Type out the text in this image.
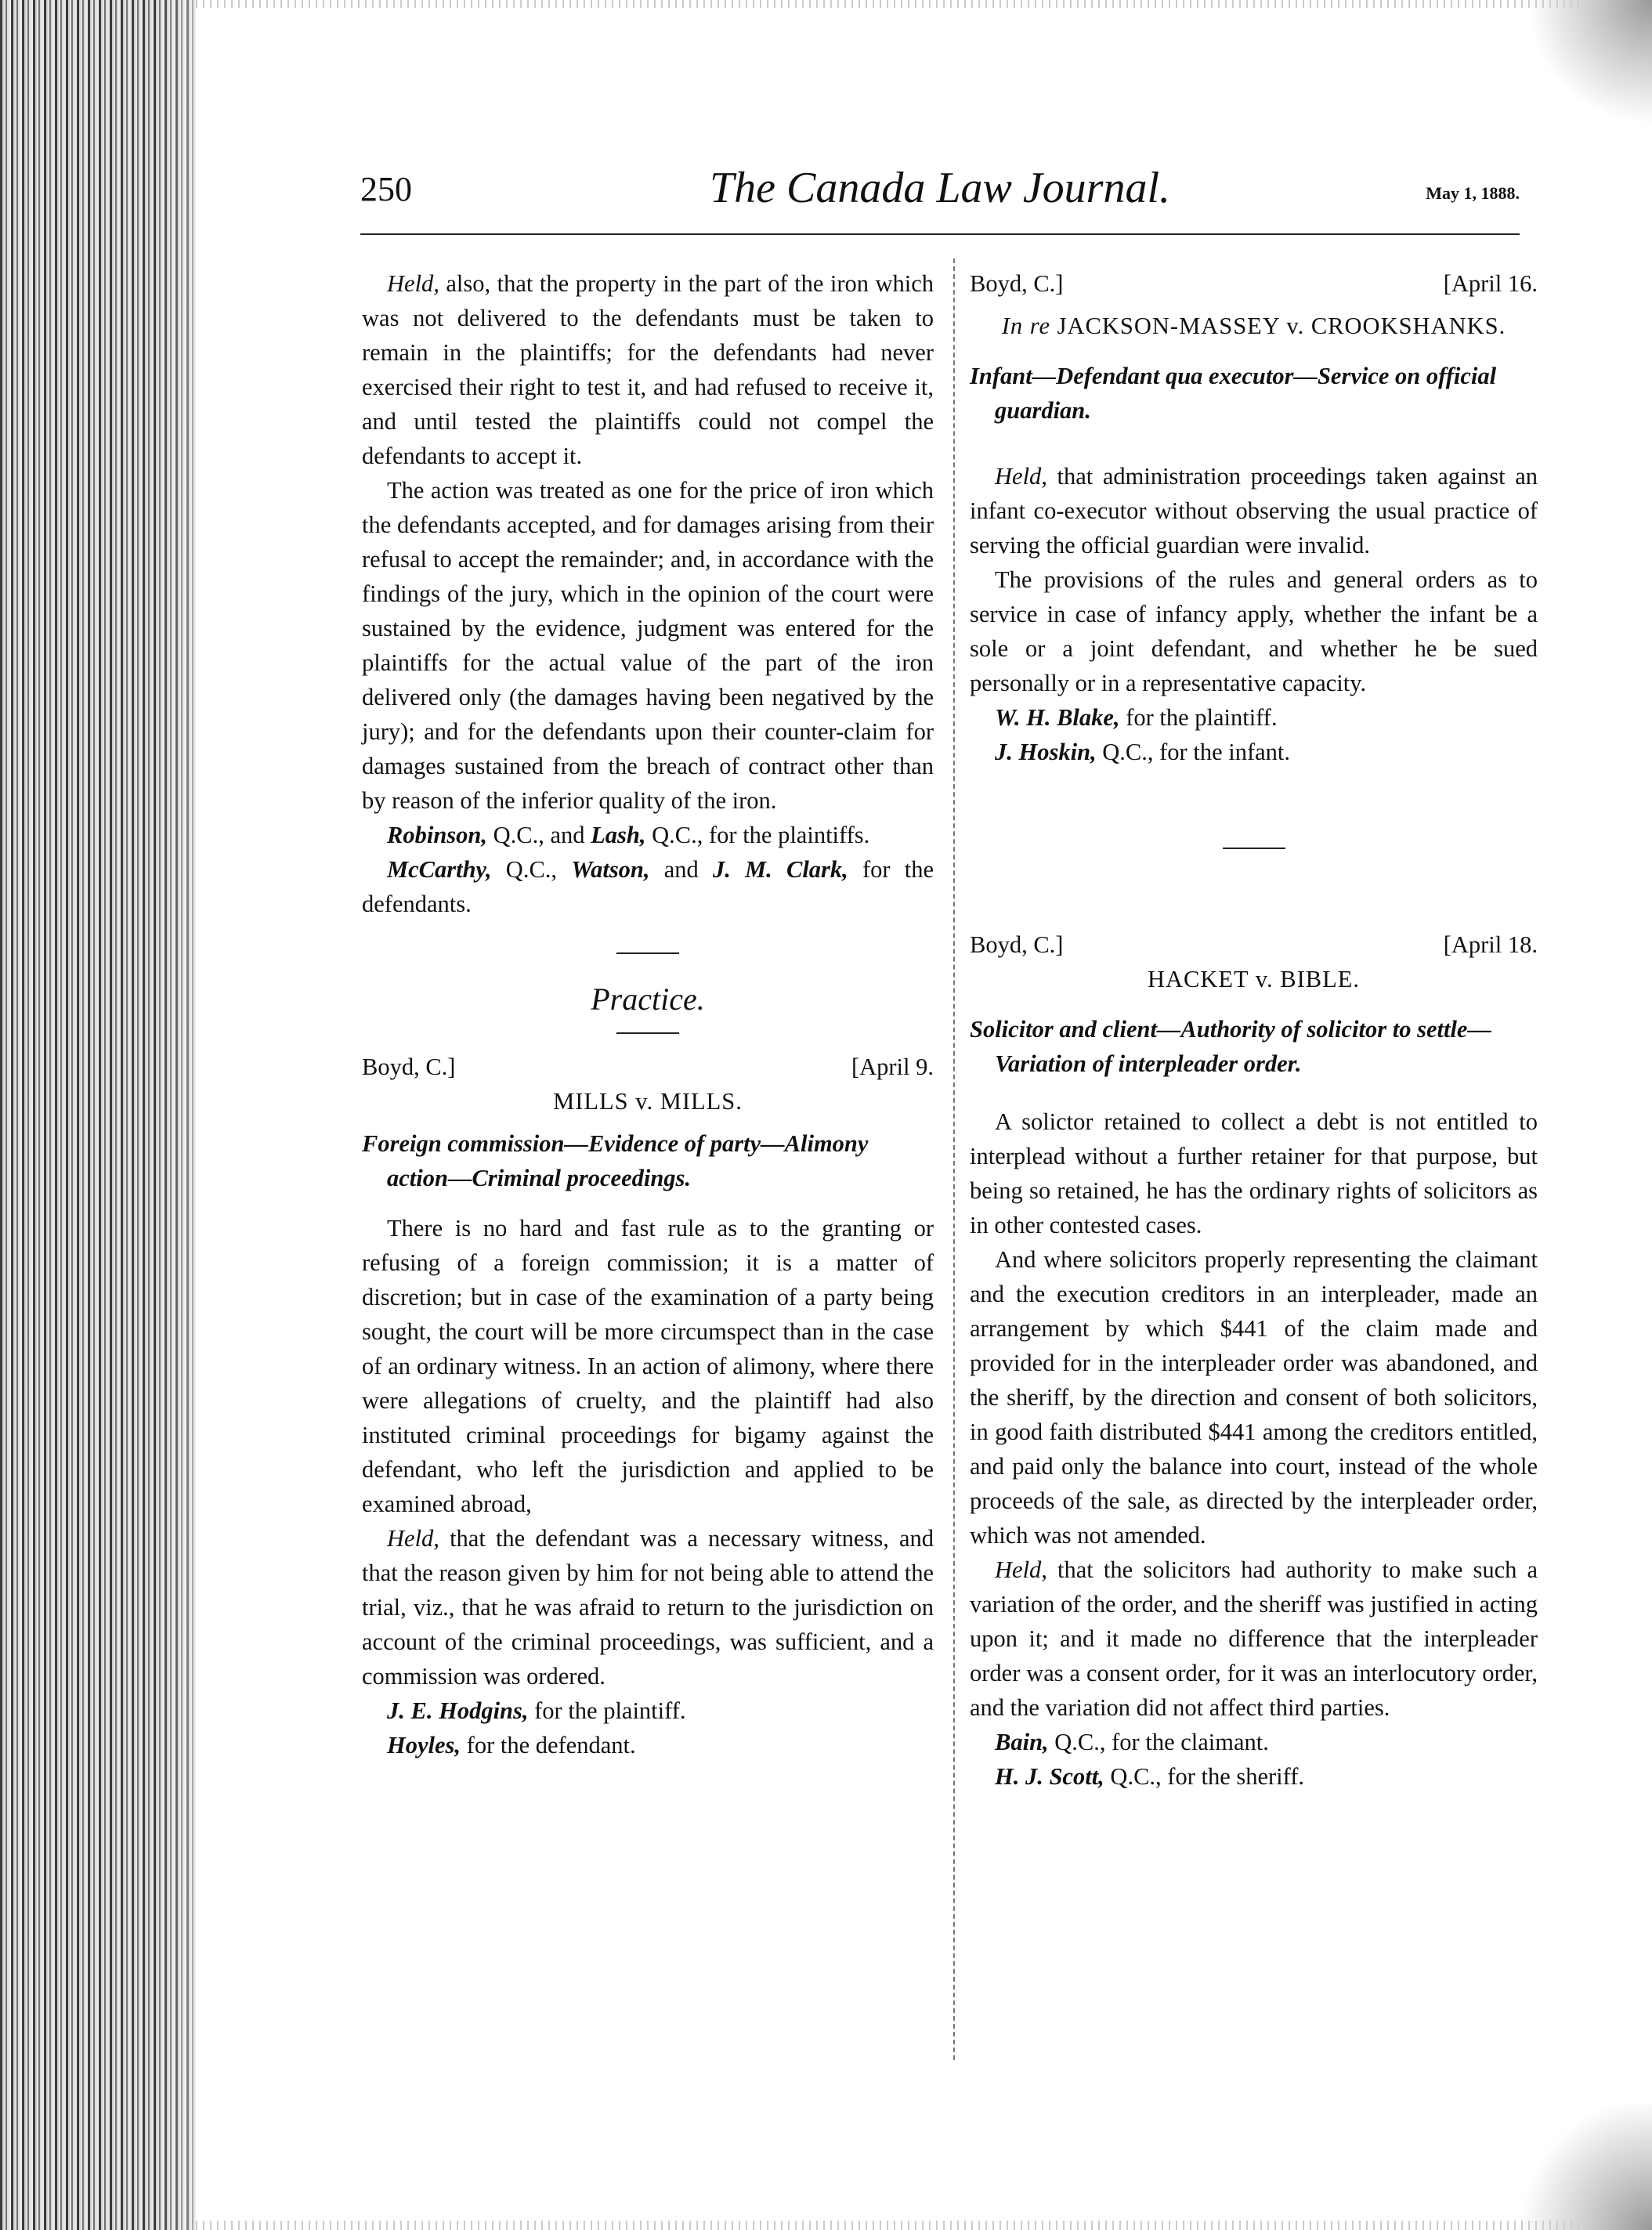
250	The Canada Law Journal.	May 1, 1888.

Held, also, that the property in the part of the iron which was not delivered to the defendants must be taken to remain in the plaintiffs; for the defendants had never exercised their right to test it, and had refused to receive it, and until tested the plaintiffs could not compel the defendants to accept it.

The action was treated as one for the price of iron which the defendants accepted, and for damages arising from their refusal to accept the remainder; and, in accordance with the findings of the jury, which in the opinion of the court were sustained by the evidence, judgment was entered for the plaintiffs for the actual value of the part of the iron delivered only (the damages having been negatived by the jury); and for the defendants upon their counter-claim for damages sustained from the breach of contract other than by reason of the inferior quality of the iron.

Robinson, Q.C., and Lash, Q.C., for the plaintiffs.

McCarthy, Q.C., Watson, and J. M. Clark, for the defendants.

Practice.
Boyd, C.]	[April 9.
MILLS v. MILLS.

Foreign commission—Evidence of party—Alimony action—Criminal proceedings.

There is no hard and fast rule as to the granting or refusing of a foreign commission; it is a matter of discretion; but in case of the examination of a party being sought, the court will be more circumspect than in the case of an ordinary witness. In an action of alimony, where there were allegations of cruelty, and the plaintiff had also instituted criminal proceedings for bigamy against the defendant, who left the jurisdiction and applied to be examined abroad,

Held, that the defendant was a necessary witness, and that the reason given by him for not being able to attend the trial, viz., that he was afraid to return to the jurisdiction on account of the criminal proceedings, was sufficient, and a commission was ordered.

J. E. Hodgins, for the plaintiff.

Hoyles, for the defendant.

Boyd, C.]	[April 16.
In re JACKSON-MASSEY v. CROOKSHANKS.

Infant—Defendant qua executor—Service on official guardian.

Held, that administration proceedings taken against an infant co-executor without observing the usual practice of serving the official guardian were invalid.

The provisions of the rules and general orders as to service in case of infancy apply, whether the infant be a sole or a joint defendant, and whether he be sued personally or in a representative capacity.

W. H. Blake, for the plaintiff.

J. Hoskin, Q.C., for the infant.

Boyd, C.]	[April 18.
HACKET v. BIBLE.

Solicitor and client—Authority of solicitor to settle—Variation of interpleader order.

A solictor retained to collect a debt is not entitled to interplead without a further retainer for that purpose, but being so retained, he has the ordinary rights of solicitors as in other contested cases.

And where solicitors properly representing the claimant and the execution creditors in an interpleader, made an arrangement by which $441 of the claim made and provided for in the interpleader order was abandoned, and the sheriff, by the direction and consent of both solicitors, in good faith distributed $441 among the creditors entitled, and paid only the balance into court, instead of the whole proceeds of the sale, as directed by the interpleader order, which was not amended.

Held, that the solicitors had authority to make such a variation of the order, and the sheriff was justified in acting upon it; and it made no difference that the interpleader order was a consent order, for it was an interlocutory order, and the variation did not affect third parties.

Bain, Q.C., for the claimant.

H. J. Scott, Q.C., for the sheriff.
